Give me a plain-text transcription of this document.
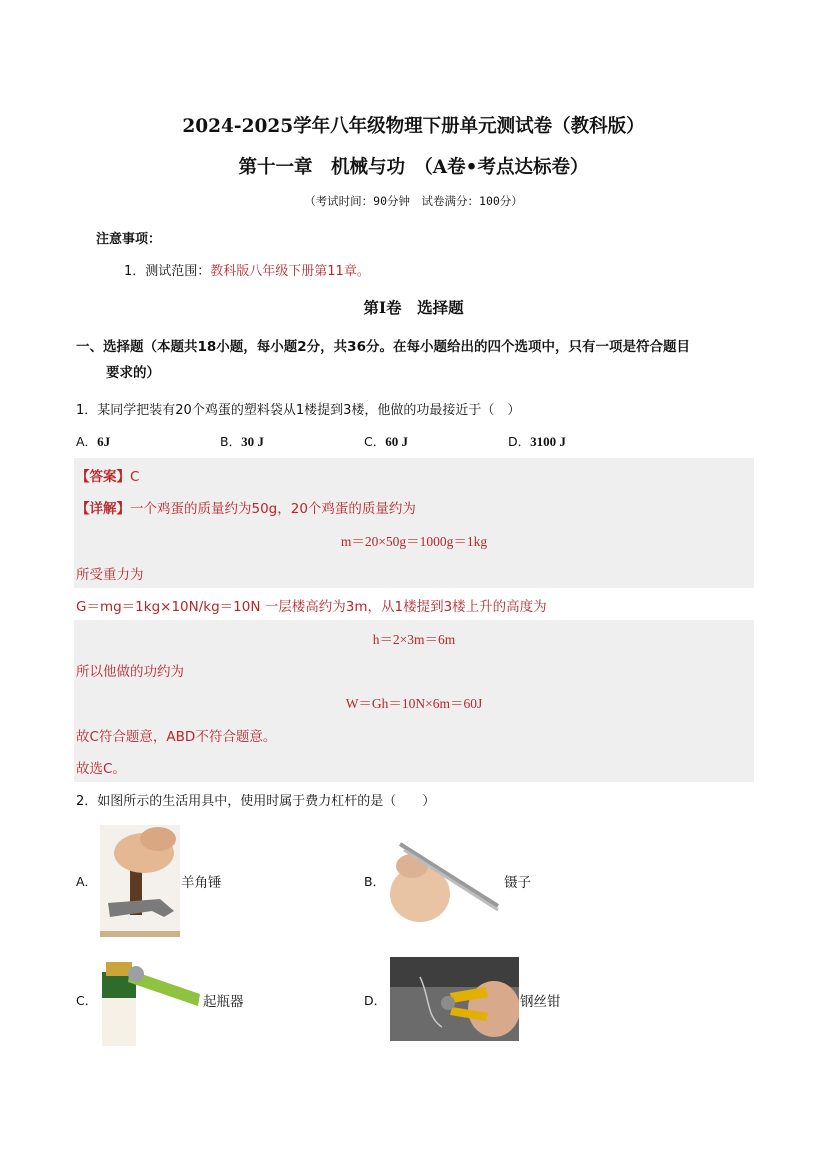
2024-2025学年八年级物理下册单元测试卷（教科版）
第十一章　机械与功　（A卷•考点达标卷）
（考试时间：90分钟　试卷满分：100分）
注意事项：
1．测试范围：教科版八年级下册第11章。
第Ⅰ卷　选择题
一、选择题（本题共18小题，每小题2分，共36分。在每小题给出的四个选项中，只有一项是符合题目
要求的）
1．某同学把装有20个鸡蛋的塑料袋从1楼提到3楼，他做的功最接近于（　）
A．6J	B．30 J	C．60 J	D．3100 J
【答案】C
【详解】一个鸡蛋的质量约为50g，20个鸡蛋的质量约为
m＝20×50g＝1000g＝1kg
所受重力为
G＝mg＝1kg×10N/kg＝10N 一层楼高约为3m，从1楼提到3楼上升的高度为
h＝2×3m＝6m
所以他做的功约为
W＝Gh＝10N×6m＝60J
故C符合题意，ABD不符合题意。
故选C。
2．如图所示的生活用具中，使用时属于费力杠杆的是（　　）
A．	羊角锤	B．	镊子
C．	起瓶器	D．	钢丝钳
